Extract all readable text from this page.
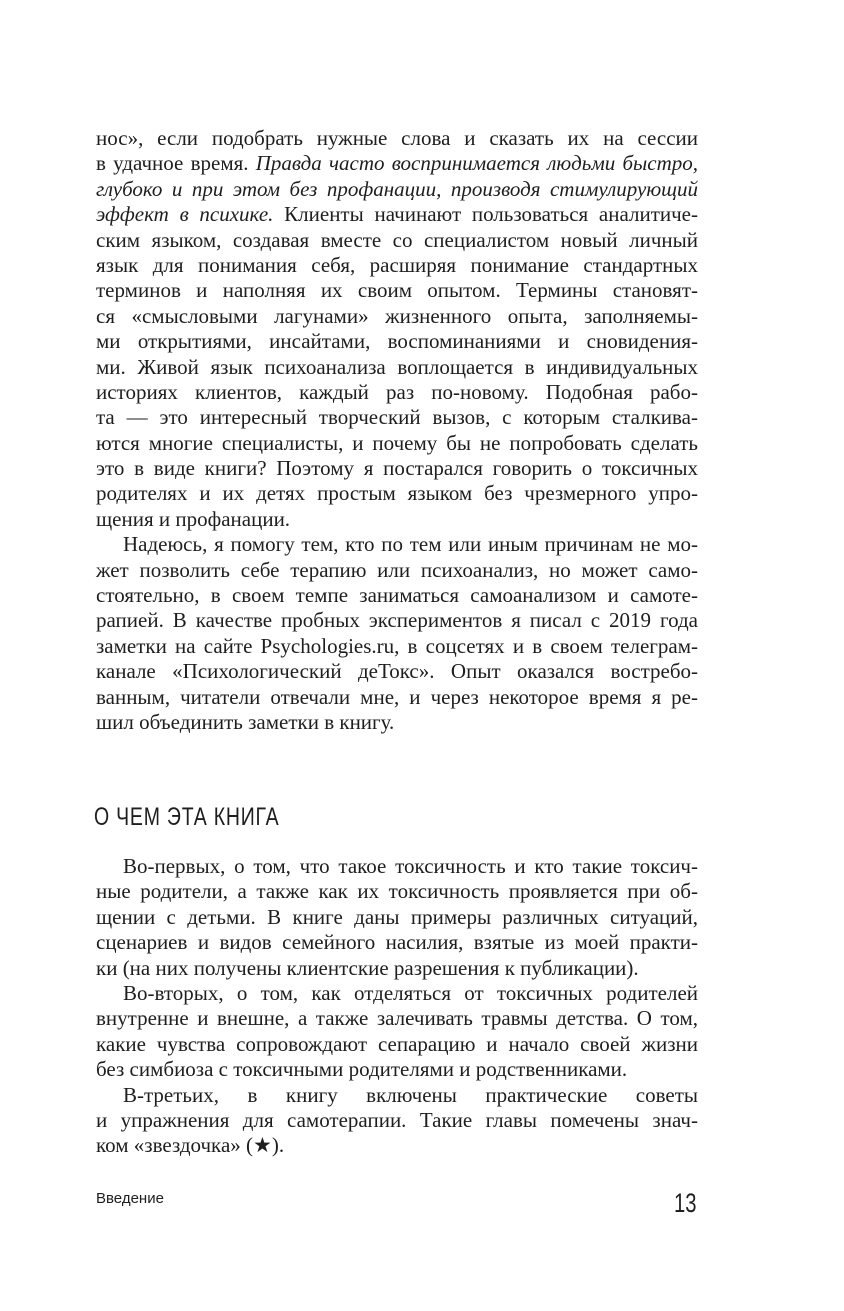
нос», если подобрать нужные слова и сказать их на сессии
в удачное время. Правда часто воспринимается людьми быстро,
глубоко и при этом без профанации, производя стимулирующий
эффект в психике. Клиенты начинают пользоваться аналитиче-
ским языком, создавая вместе со специалистом новый личный
язык для понимания себя, расширяя понимание стандартных
терминов и наполняя их своим опытом. Термины становят-
ся «смысловыми лагунами» жизненного опыта, заполняемы-
ми открытиями, инсайтами, воспоминаниями и сновидения-
ми. Живой язык психоанализа воплощается в индивидуальных
историях клиентов, каждый раз по-новому. Подобная рабо-
та — это интересный творческий вызов, с которым сталкива-
ются многие специалисты, и почему бы не попробовать сделать
это в виде книги? Поэтому я постарался говорить о токсичных
родителях и их детях простым языком без чрезмерного упро-
щения и профанации.
Надеюсь, я помогу тем, кто по тем или иным причинам не мо-
жет позволить себе терапию или психоанализ, но может само-
стоятельно, в своем темпе заниматься самоанализом и самоте-
рапией. В качестве пробных экспериментов я писал с 2019 года
заметки на сайте Psychologies.ru, в соцсетях и в своем телеграм-
канале «Психологический деТокс». Опыт оказался востребо-
ванным, читатели отвечали мне, и через некоторое время я ре-
шил объединить заметки в книгу.
О ЧЕМ ЭТА КНИГА
Во-первых, о том, что такое токсичность и кто такие токсич-
ные родители, а также как их токсичность проявляется при об-
щении с детьми. В книге даны примеры различных ситуаций,
сценариев и видов семейного насилия, взятые из моей практи-
ки (на них получены клиентские разрешения к публикации).
Во-вторых, о том, как отделяться от токсичных родителей
внутренне и внешне, а также залечивать травмы детства. О том,
какие чувства сопровождают сепарацию и начало своей жизни
без симбиоза с токсичными родителями и родственниками.
В-третьих, в книгу включены практические советы
и упражнения для самотерапии. Такие главы помечены знач-
ком «звездочка» (★).
Введение	13
